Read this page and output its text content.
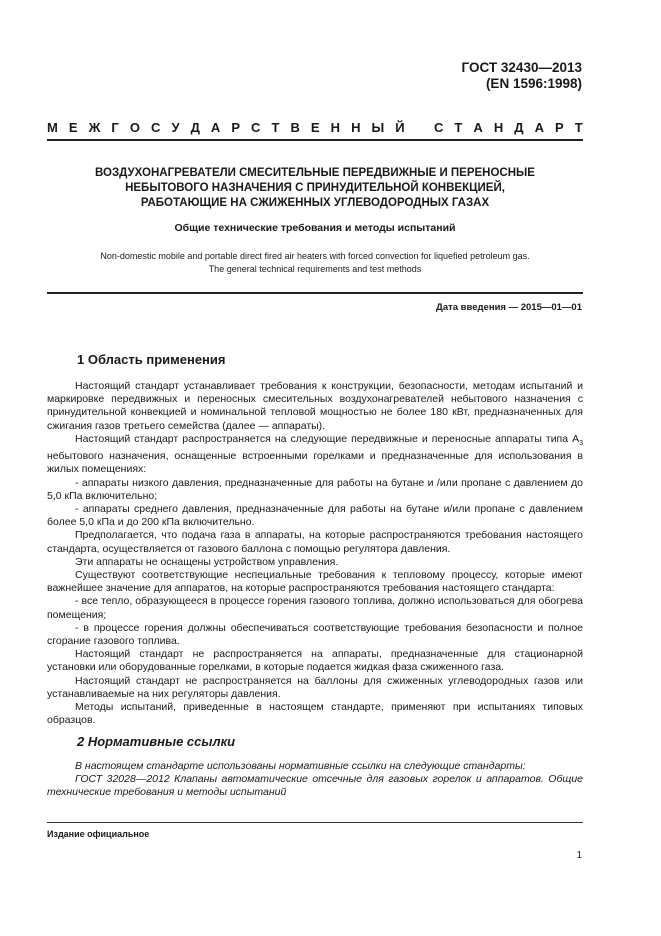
ГОСТ 32430—2013
(EN 1596:1998)
М Е Ж Г О С У Д А Р С Т В Е Н Н Ы Й
С Т А Н Д А Р Т
ВОЗДУХОНАГРЕВАТЕЛИ СМЕСИТЕЛЬНЫЕ ПЕРЕДВИЖНЫЕ И ПЕРЕНОСНЫЕ
НЕБЫТОВОГО НАЗНАЧЕНИЯ С ПРИНУДИТЕЛЬНОЙ КОНВЕКЦИЕЙ,
РАБОТАЮЩИЕ НА СЖИЖЕННЫХ УГЛЕВОДОРОДНЫХ ГАЗАХ
Общие технические требования и методы испытаний
Non-domestic mobile and portable direct fired air heaters with forced convection for liquefied petroleum gas.
The general technical requirements and test methods
Дата введения — 2015—01—01
1 Область применения

Настоящий стандарт устанавливает требования к конструкции, безопасности, методам испытаний и маркировке передвижных и переносных смесительных воздухонагревателей небытового назначения с принудительной конвекцией и номинальной тепловой мощностью не более 180 кВт, предназначенных для сжигания газов третьего семейства (далее — аппараты).

Настоящий стандарт распространяется на следующие передвижные и переносные аппараты типа $А_3$ небытового назначения, оснащенные встроенными горелками и предназначенные для использования в жилых помещениях:

- аппараты низкого давления, предназначенные для работы на бутане и /или пропане с давлением до 5,0 кПа включительно;

- аппараты среднего давления, предназначенные для работы на бутане и/или пропане с давлением более 5,0 кПа и до 200 кПа включительно.

Предполагается, что подача газа в аппараты, на которые распространяются требования настоящего стандарта, осуществляется от газового баллона с помощью регулятора давления.

Эти аппараты не оснащены устройством управления.

Существуют соответствующие неспециальные требования к тепловому процессу, которые имеют важнейшее значение для аппаратов, на которые распространяются требования настоящего стандарта:

- все тепло, образующееся в процессе горения газового топлива, должно использоваться для обогрева помещения;

- в процессе горения должны обеспечиваться соответствующие требования безопасности и полное сгорание газового топлива.

Настоящий стандарт не распространяется на аппараты, предназначенные для стационарной установки или оборудованные горелками, в которые подается жидкая фаза сжиженного газа.

Настоящий стандарт не распространяется на баллоны для сжиженных углеводородных газов или устанавливаемые на них регуляторы давления.

Методы испытаний, приведенные в настоящем стандарте, применяют при испытаниях типовых образцов.

2 Нормативные ссылки

В настоящем стандарте использованы нормативные ссылки на следующие стандарты:

ГОСТ 32028—2012 Клапаны автоматические отсечные для газовых горелок и аппаратов. Общие технические требования и методы испытаний

Издание официальное
1
